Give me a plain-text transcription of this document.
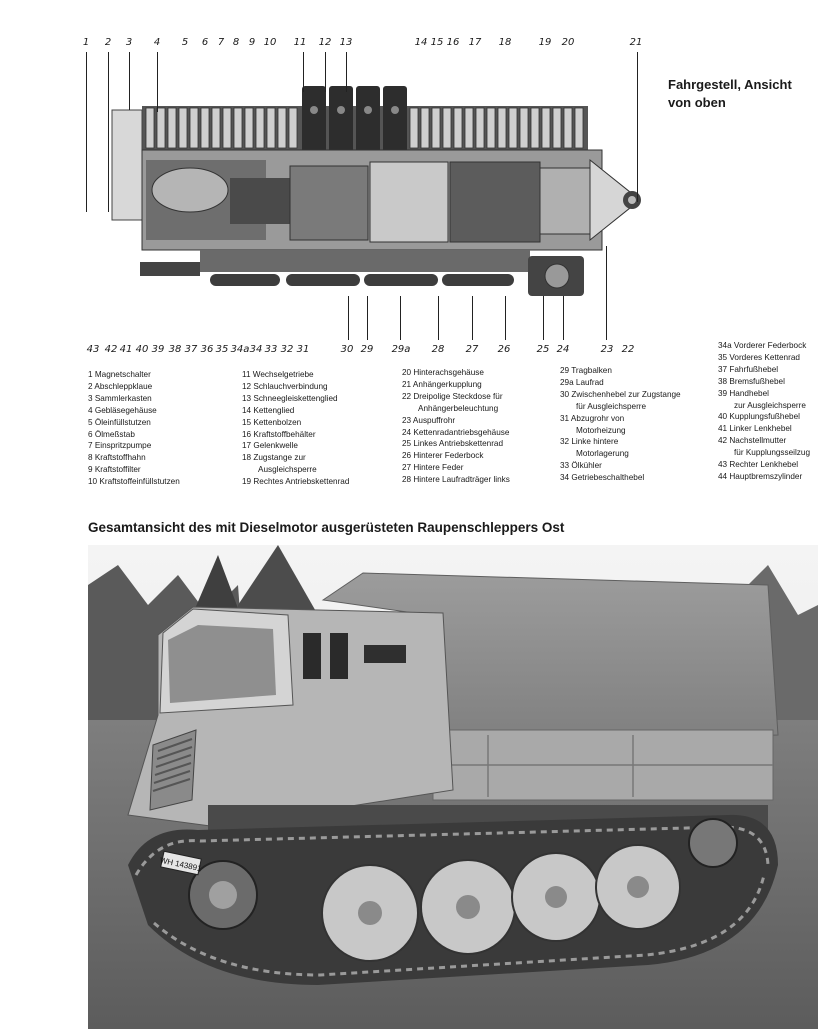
1 2 3 4 5 6 7 8 9 10 11 12 13	14 15 16 17 18	19 20	21
43 42 41 40 39 38 37 36 35 34a 34 33 32 31	30 29 29a 28 27 26	25 24	23 22
Fahrgestell, Ansicht
von oben
1 Magnetschalter
2 Abschleppklaue
3 Sammlerkasten
4 Gebläsegehäuse
5 Öleinfüllstutzen
6 Ölmeßstab
7 Einspritzpumpe
8 Kraftstoffhahn
9 Kraftstoffilter
10 Kraftstoffeinfüllstutzen
11 Wechselgetriebe
12 Schlauchverbindung
13 Schneegleiskettenglied
14 Kettenglied
15 Kettenbolzen
16 Kraftstoffbehälter
17 Gelenkwelle
18 Zugstange zur
Ausgleichsperre
19 Rechtes Antriebskettenrad
20 Hinterachsgehäuse
21 Anhängerkupplung
22 Dreipolige Steckdose für
Anhängerbeleuchtung
23 Auspuffrohr
24 Kettenradantriebsgehäuse
25 Linkes Antriebskettenrad
26 Hinterer Federbock
27 Hintere Feder
28 Hintere Laufradträger links
29 Tragbalken
29a Laufrad
30 Zwischenhebel zur Zugstange
für Ausgleichsperre
31 Abzugrohr von
Motorheizung
32 Linke hintere
Motorlagerung
33 Ölkühler
34 Getriebeschalthebel
34a Vorderer Federbock
35 Vorderes Kettenrad
37 Fahrfußhebel
38 Bremsfußhebel
39 Handhebel
zur Ausgleichsperre
40 Kupplungsfußhebel
41 Linker Lenkhebel
42 Nachstellmutter
für Kupplungsseilzug
43 Rechter Lenkhebel
44 Hauptbremszylinder
Gesamtansicht des mit Dieselmotor ausgerüsteten Raupenschleppers Ost
WH 143891
